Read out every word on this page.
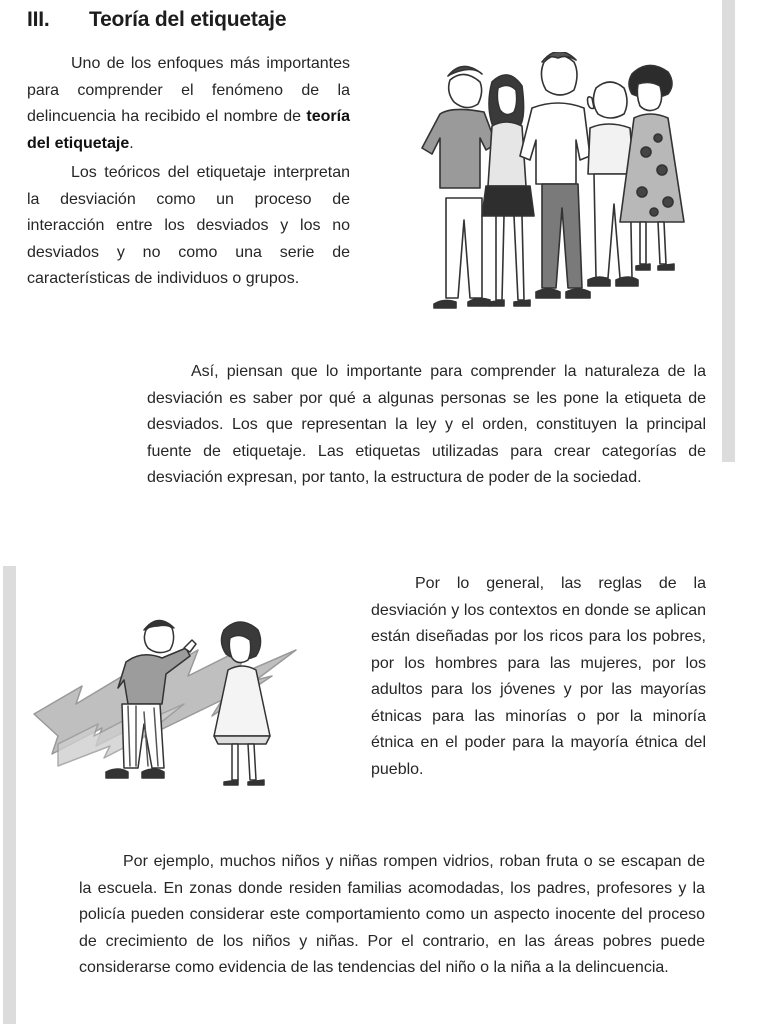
III. Teoría del etiquetaje

Uno de los enfoques más importantes para comprender el fenómeno de la delincuencia ha recibido el nombre de teoría del etiquetaje.

Los teóricos del etiquetaje interpretan la desviación como un proceso de interacción entre los desviados y los no desviados y no como una serie de características de individuos o grupos.

Así, piensan que lo importante para comprender la naturaleza de la desviación es saber por qué a algunas personas se les pone la etiqueta de desviados. Los que representan la ley y el orden, constituyen la principal fuente de etiquetaje. Las etiquetas utilizadas para crear categorías de desviación expresan, por tanto, la estructura de poder de la sociedad.

Por lo general, las reglas de la desviación y los contextos en donde se aplican están diseñadas por los ricos para los pobres, por los hombres para las mujeres, por los adultos para los jóvenes y por las mayorías étnicas para las minorías o por la minoría étnica en el poder para la mayoría étnica del pueblo.

Por ejemplo, muchos niños y niñas rompen vidrios, roban fruta o se escapan de la escuela. En zonas donde residen familias acomodadas, los padres, profesores y la policía pueden considerar este comportamiento como un aspecto inocente del proceso de crecimiento de los niños y niñas. Por el contrario, en las áreas pobres puede considerarse como evidencia de las tendencias del niño o la niña a la delincuencia.
